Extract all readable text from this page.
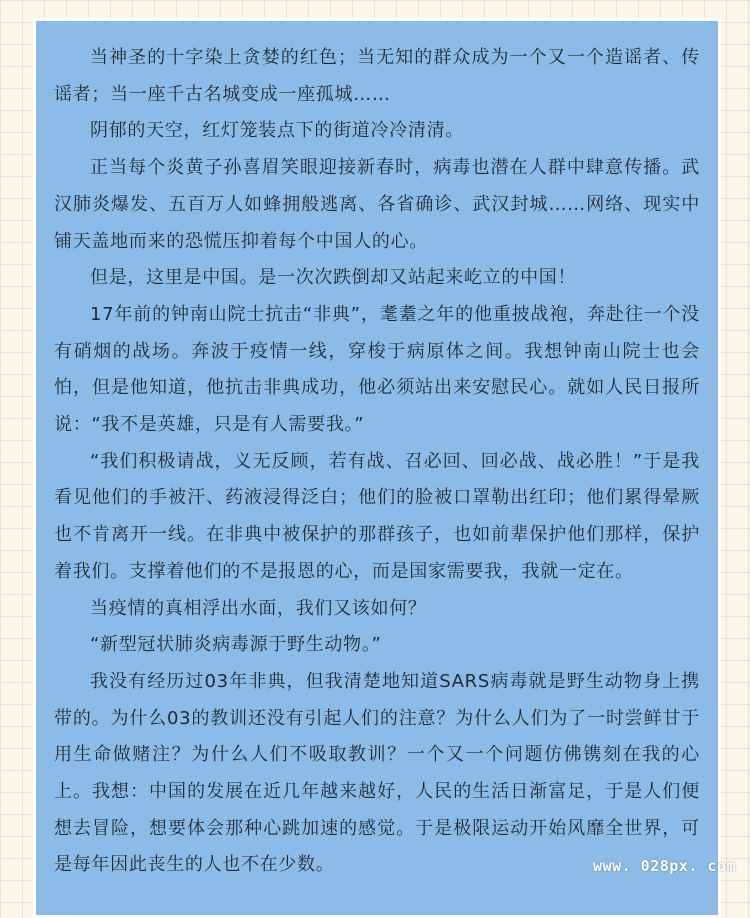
当神圣的十字染上贪婪的红色；当无知的群众成为一个又一个造谣者、传谣者；当一座千古名城变成一座孤城……

阴郁的天空，红灯笼装点下的街道冷冷清清。

正当每个炎黄子孙喜眉笑眼迎接新春时，病毒也潜在人群中肆意传播。武汉肺炎爆发、五百万人如蜂拥般逃离、各省确诊、武汉封城……网络、现实中铺天盖地而来的恐慌压抑着每个中国人的心。

但是，这里是中国。是一次次跌倒却又站起来屹立的中国！

17年前的钟南山院士抗击“非典”，耄耋之年的他重披战袍，奔赴往一个没有硝烟的战场。奔波于疫情一线，穿梭于病原体之间。我想钟南山院士也会怕，但是他知道，他抗击非典成功，他必须站出来安慰民心。就如人民日报所说：“我不是英雄，只是有人需要我。”

“我们积极请战，义无反顾，若有战、召必回、回必战、战必胜！”于是我看见他们的手被汗、药液浸得泛白；他们的脸被口罩勒出红印；他们累得晕厥也不肯离开一线。在非典中被保护的那群孩子，也如前辈保护他们那样，保护着我们。支撑着他们的不是报恩的心，而是国家需要我，我就一定在。

当疫情的真相浮出水面，我们又该如何？

“新型冠状肺炎病毒源于野生动物。”

我没有经历过03年非典，但我清楚地知道SARS病毒就是野生动物身上携带的。为什么03的教训还没有引起人们的注意？为什么人们为了一时尝鲜甘于用生命做赌注？为什么人们不吸取教训？一个又一个问题仿佛镌刻在我的心上。我想：中国的发展在近几年越来越好，人民的生活日渐富足，于是人们便想去冒险，想要体会那种心跳加速的感觉。于是极限运动开始风靡全世界，可是每年因此丧生的人也不在少数。	www. 028px. com
